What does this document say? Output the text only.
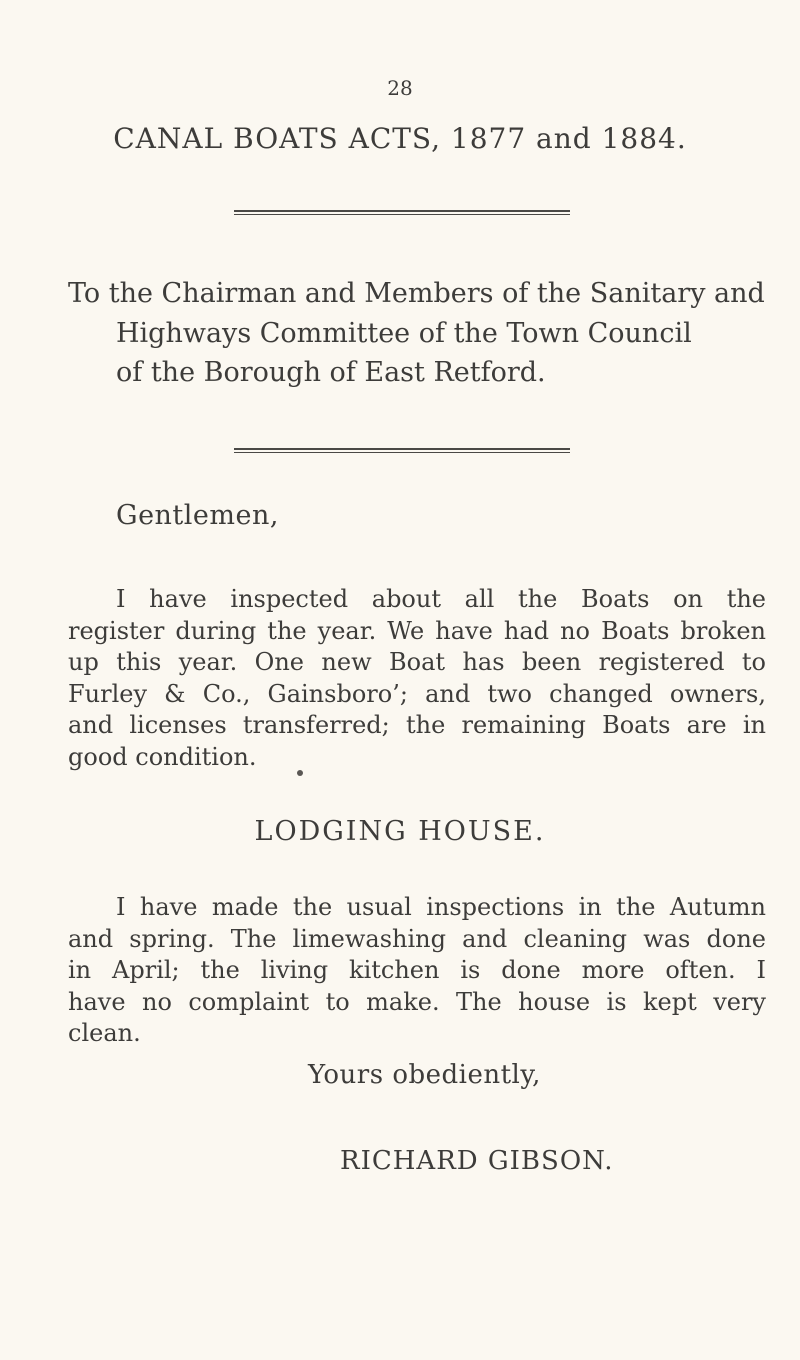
28
CANAL BOATS ACTS, 1877 and 1884.
To the Chairman and Members of the Sanitary and
Highways Committee of the Town Council
of the Borough of East Retford.
Gentlemen,
I have inspected about all the Boats on the
register during the year. We have had no Boats broken
up this year. One new Boat has been registered to
Furley & Co., Gainsboro’; and two changed owners,
and licenses transferred; the remaining Boats are in
good condition.
LODGING HOUSE.
I have made the usual inspections in the Autumn
and spring. The limewashing and cleaning was done
in April; the living kitchen is done more often. I
have no complaint to make. The house is kept very
clean.
Yours obediently,
RICHARD GIBSON.
